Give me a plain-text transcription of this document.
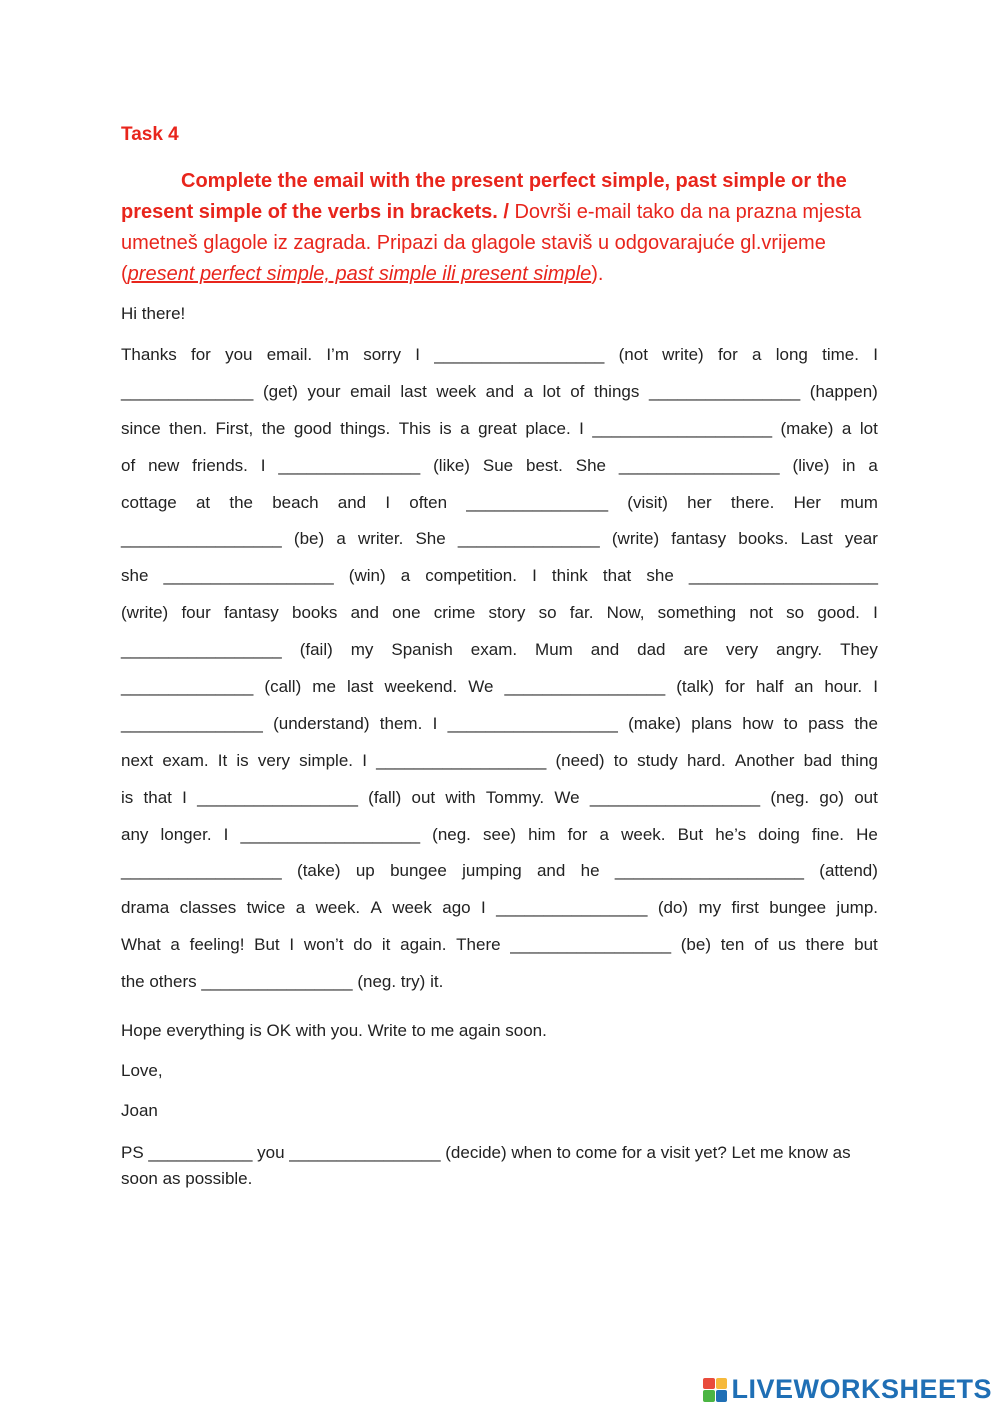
Task 4
Complete the email with the present perfect simple, past simple or the present simple of the verbs in brackets. / Dovrši e-mail tako da na prazna mjesta umetneš glagole iz zagrada. Pripazi da glagole staviš u odgovarajuće gl.vrijeme (present perfect simple, past simple ili present simple).
Hi there!
Thanks for you email. I’m sorry I __________________ (not write) for a long time. I
______________ (get) your email last week and a lot of things ________________ (happen)
since then. First, the good things. This is a great place. I ___________________ (make) a lot
of new friends. I _______________ (like) Sue best. She _________________ (live) in a
cottage at the beach and I often _______________ (visit) her there. Her mum
_________________ (be) a writer. She _______________ (write) fantasy books. Last year
she __________________ (win) a competition. I think that she ____________________
(write) four fantasy books and one crime story so far. Now, something not so good. I
_________________ (fail) my Spanish exam. Mum and dad are very angry. They
______________ (call) me last weekend. We _________________ (talk) for half an hour. I
_______________ (understand) them. I __________________ (make) plans how to pass the
next exam. It is very simple. I __________________ (need) to study hard. Another bad thing
is that I _________________ (fall) out with Tommy. We __________________ (neg. go) out
any longer. I ___________________ (neg. see) him for a week. But he’s doing fine. He
_________________ (take) up bungee jumping and he ____________________ (attend)
drama classes twice a week. A week ago I ________________ (do) my first bungee jump.
What a feeling! But I won’t do it again. There _________________ (be) ten of us there but
the others ________________ (neg. try) it.
Hope everything is OK with you. Write to me again soon.
Love,
Joan
PS ___________ you ________________ (decide) when to come for a visit yet? Let me know as soon as possible.
LIVEWORKSHEETS
